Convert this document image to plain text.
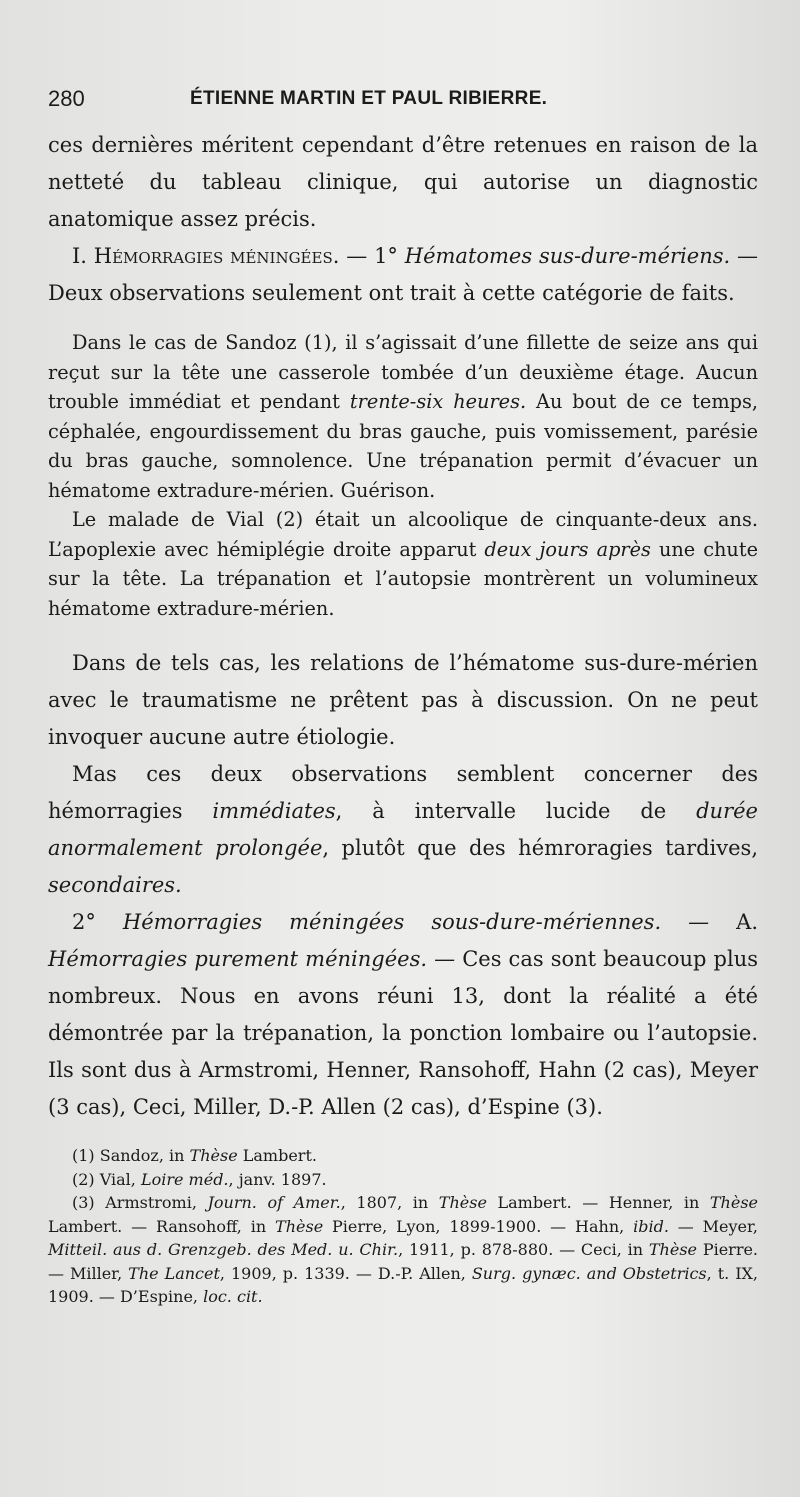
280	ÉTIENNE MARTIN ET PAUL RIBIERRE.

ces dernières méritent cependant d’être retenues en raison de la netteté du tableau clinique, qui autorise un diagnostic anatomique assez précis.

I. Hémorragies méningées. — 1° Hématomes sus-dure-mériens. — Deux observations seulement ont trait à cette catégorie de faits.

Dans le cas de Sandoz (1), il s’agissait d’une fillette de seize ans qui reçut sur la tête une casserole tombée d’un deuxième étage. Aucun trouble immédiat et pendant trente-six heures. Au bout de ce temps, céphalée, engourdissement du bras gauche, puis vomissement, parésie du bras gauche, somnolence. Une trépanation permit d’évacuer un hématome extradure-mérien. Guérison.

Le malade de Vial (2) était un alcoolique de cinquante-deux ans. L’apoplexie avec hémiplégie droite apparut deux jours après une chute sur la tête. La trépanation et l’autopsie montrèrent un volumineux hématome extradure-mérien.

Dans de tels cas, les relations de l’hématome sus-dure-mérien avec le traumatisme ne prêtent pas à discussion. On ne peut invoquer aucune autre étiologie.

Mas ces deux observations semblent concerner des hémorragies immédiates, à intervalle lucide de durée anormalement prolongée, plutôt que des hémroragies tardives, secondaires.

2° Hémorragies méningées sous-dure-mériennes. — A. Hémorragies purement méningées. — Ces cas sont beaucoup plus nombreux. Nous en avons réuni 13, dont la réalité a été démontrée par la trépanation, la ponction lombaire ou l’autopsie. Ils sont dus à Armstromi, Henner, Ransohoff, Hahn (2 cas), Meyer (3 cas), Ceci, Miller, D.-P. Allen (2 cas), d’Espine (3).

(1) Sandoz, in Thèse Lambert.
(2) Vial, Loire méd., janv. 1897.
(3) Armstromi, Journ. of Amer., 1807, in Thèse Lambert. — Henner, in Thèse Lambert. — Ransohoff, in Thèse Pierre, Lyon, 1899-1900. — Hahn, ibid. — Meyer, Mitteil. aus d. Grenzgeb. des Med. u. Chir., 1911, p. 878-880. — Ceci, in Thèse Pierre. — Miller, The Lancet, 1909, p. 1339. — D.-P. Allen, Surg. gynæc. and Obstetrics, t. IX, 1909. — D’Espine, loc. cit.
